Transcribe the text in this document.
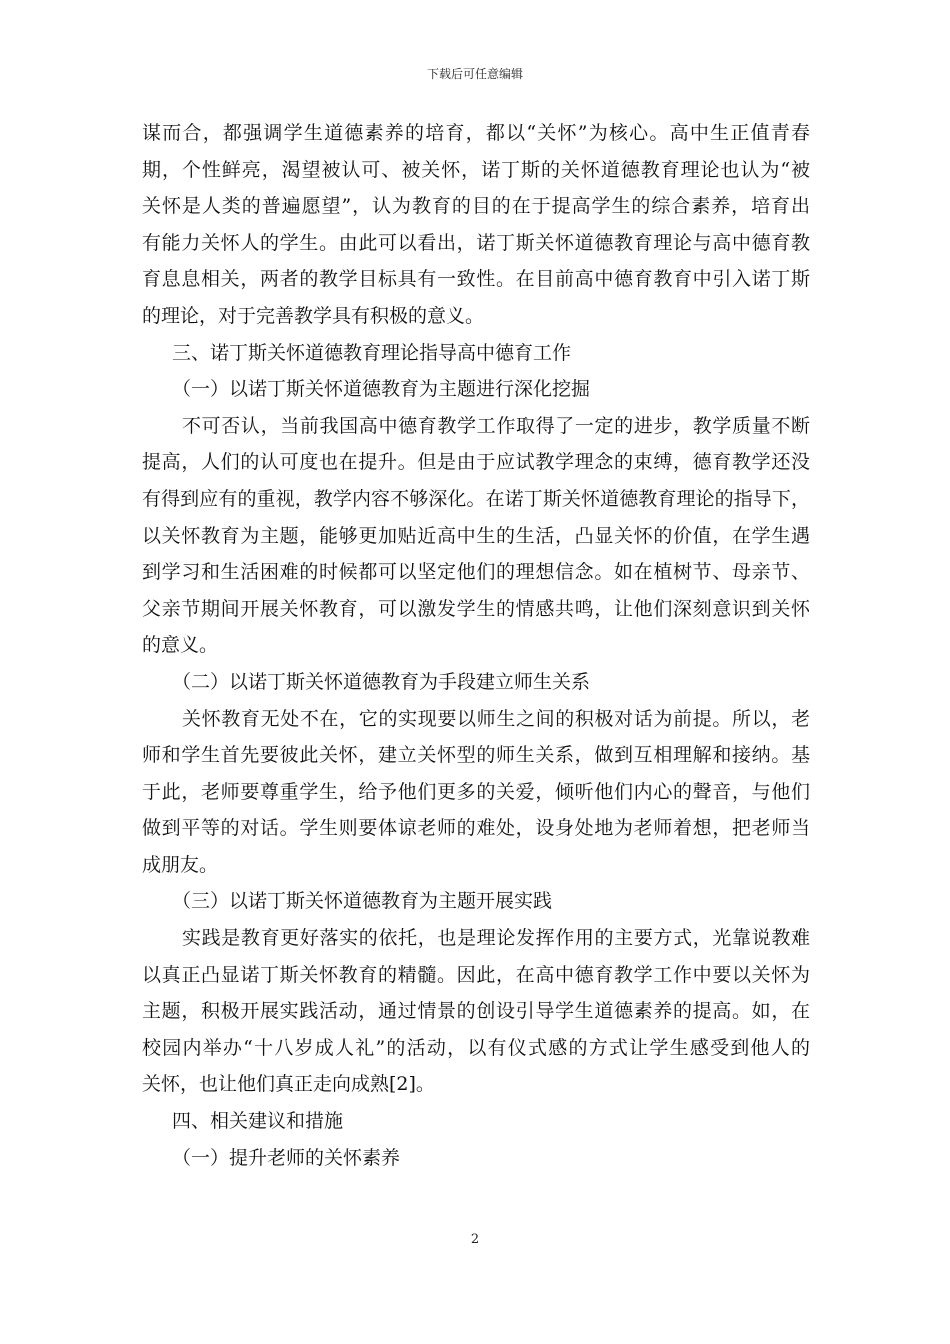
下载后可任意编辑
谋而合，都强调学生道德素养的培育，都以“关怀”为核心。高中生正值青春
期，个性鲜亮，渴望被认可、被关怀，诺丁斯的关怀道德教育理论也认为“被
关怀是人类的普遍愿望”，认为教育的目的在于提高学生的综合素养，培育出
有能力关怀人的学生。由此可以看出，诺丁斯关怀道德教育理论与高中德育教
育息息相关，两者的教学目标具有一致性。在目前高中德育教育中引入诺丁斯
的理论，对于完善教学具有积极的意义。
三、诺丁斯关怀道德教育理论指导高中德育工作
（一）以诺丁斯关怀道德教育为主题进行深化挖掘
不可否认，当前我国高中德育教学工作取得了一定的进步，教学质量不断
提高，人们的认可度也在提升。但是由于应试教学理念的束缚，德育教学还没
有得到应有的重视，教学内容不够深化。在诺丁斯关怀道德教育理论的指导下，
以关怀教育为主题，能够更加贴近高中生的生活，凸显关怀的价值，在学生遇
到学习和生活困难的时候都可以坚定他们的理想信念。如在植树节、母亲节、
父亲节期间开展关怀教育，可以激发学生的情感共鸣，让他们深刻意识到关怀
的意义。
（二）以诺丁斯关怀道德教育为手段建立师生关系
关怀教育无处不在，它的实现要以师生之间的积极对话为前提。所以，老
师和学生首先要彼此关怀，建立关怀型的师生关系，做到互相理解和接纳。基
于此，老师要尊重学生，给予他们更多的关爱，倾听他们内心的聲音，与他们
做到平等的对话。学生则要体谅老师的难处，设身处地为老师着想，把老师当
成朋友。
（三）以诺丁斯关怀道德教育为主题开展实践
实践是教育更好落实的依托，也是理论发挥作用的主要方式，光靠说教难
以真正凸显诺丁斯关怀教育的精髓。因此，在高中德育教学工作中要以关怀为
主题，积极开展实践活动，通过情景的创设引导学生道德素养的提高。如，在
校园内举办“十八岁成人礼”的活动，以有仪式感的方式让学生感受到他人的
关怀，也让他们真正走向成熟[2]。
四、相关建议和措施
（一）提升老师的关怀素养
2
